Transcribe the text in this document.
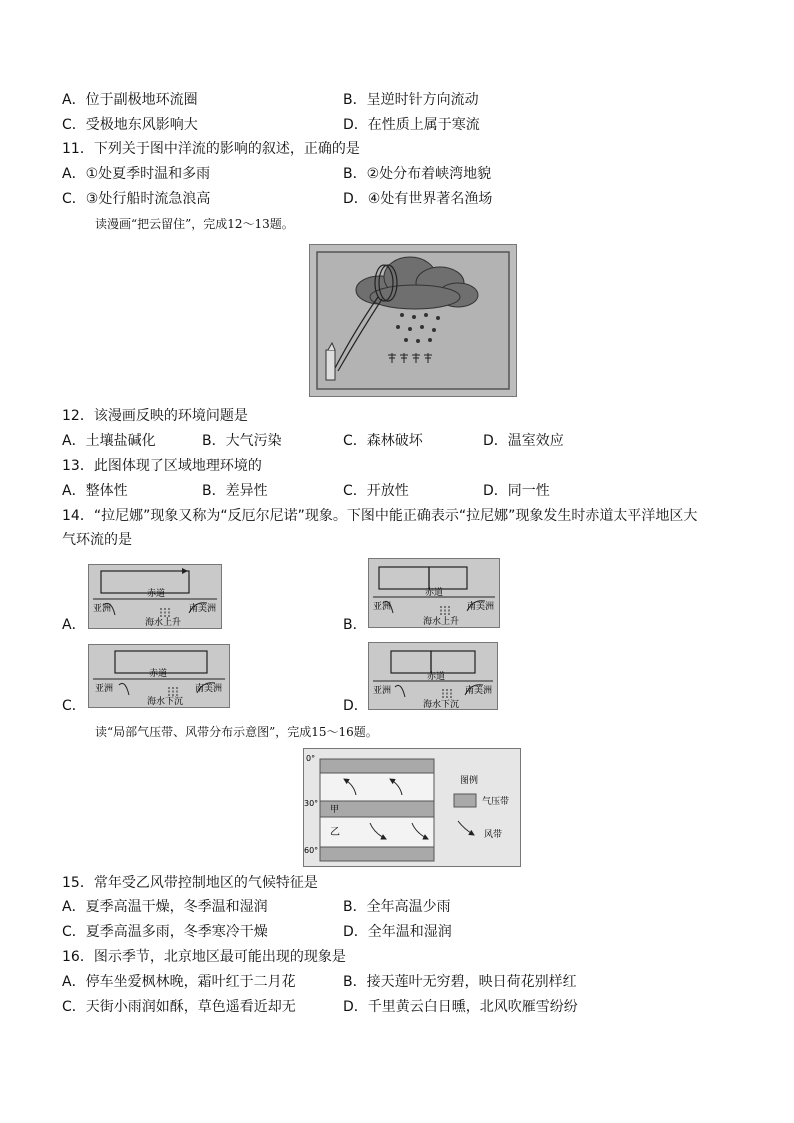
A．位于副极地环流圈	B．呈逆时针方向流动
C．受极地东风影响大	D．在性质上属于寒流
11．下列关于图中洋流的影响的叙述，正确的是
A．①处夏季时温和多雨	B．②处分布着峡湾地貌
C．③处行船时流急浪高	D．④处有世界著名渔场
读漫画“把云留住”，完成12～13题。
12．该漫画反映的环境问题是
A．土壤盐碱化	B．大气污染	C．森林破坏	D．温室效应
13．此图体现了区域地理环境的
A．整体性	B．差异性	C．开放性	D．同一性
14．“拉尼娜”现象又称为“反厄尔尼诺”现象。下图中能正确表示“拉尼娜”现象发生时赤道太平洋地区大
气环流的是
A．	B．
C．	D．
亚洲
赤道
南美洲
海水上升
亚洲
赤道
南美洲
海水上升
亚洲
赤道
南美洲
海水下沉
亚洲
赤道
南美洲
海水下沉
读“局部气压带、风带分布示意图”，完成15～16题。
0°
30°
60°
甲
乙
图例
气压带
风带
15．常年受乙风带控制地区的气候特征是
A．夏季高温干燥，冬季温和湿润	B．全年高温少雨
C．夏季高温多雨，冬季寒冷干燥	D．全年温和湿润
16．图示季节，北京地区最可能出现的现象是
A．停车坐爱枫林晚，霜叶红于二月花	B．接天莲叶无穷碧，映日荷花别样红
C．天街小雨润如酥，草色遥看近却无	D．千里黄云白日曛，北风吹雁雪纷纷
